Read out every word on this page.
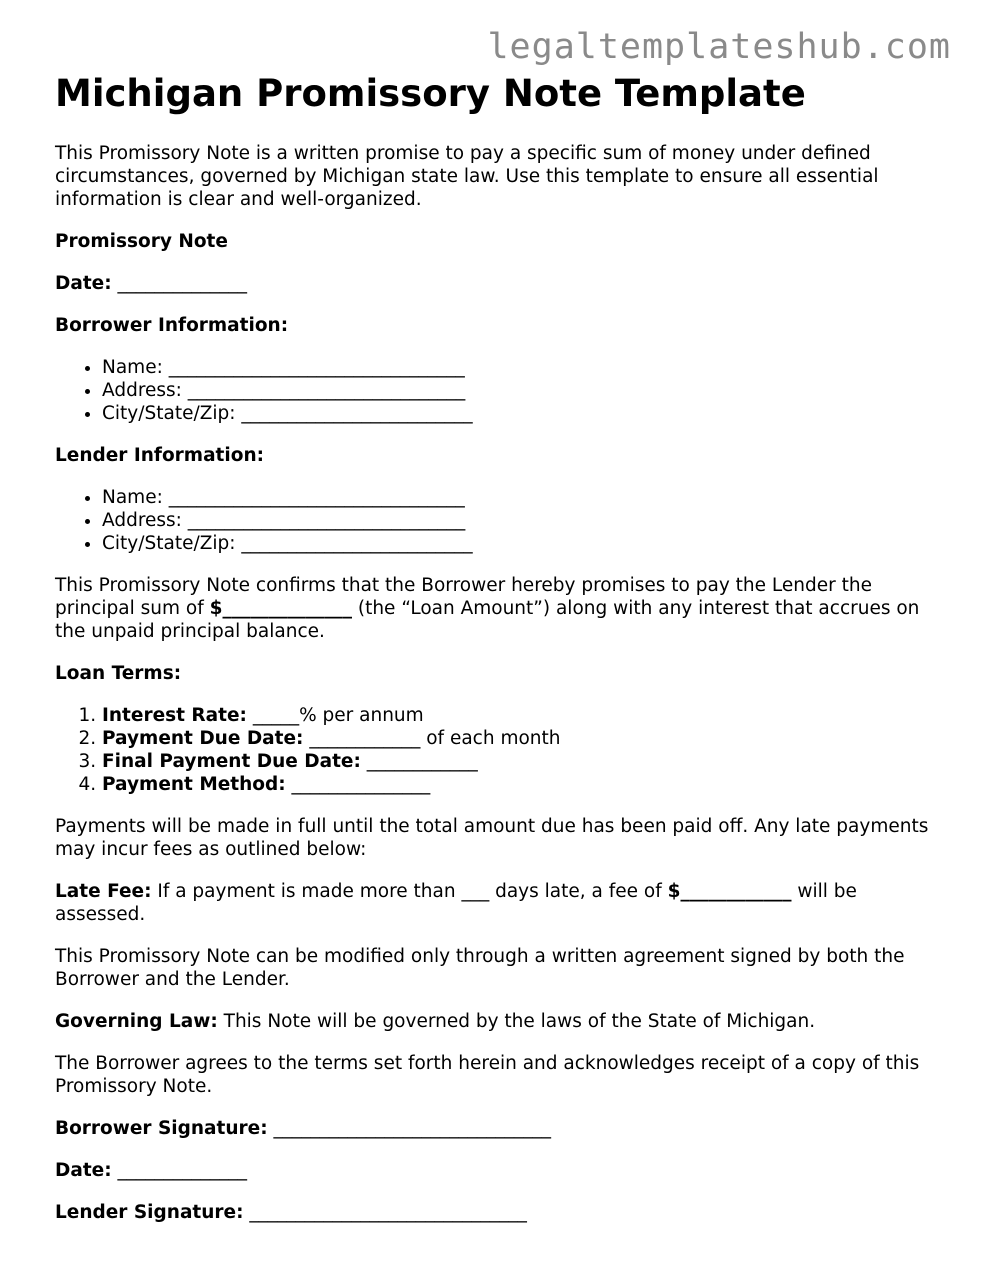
legaltemplateshub.com
Michigan Promissory Note Template

This Promissory Note is a written promise to pay a specific sum of money under defined circumstances, governed by Michigan state law. Use this template to ensure all essential information is clear and well-organized.

Promissory Note

Date: ______________

Borrower Information:

• Name: ________________________________
• Address: ______________________________
• City/State/Zip: _________________________

Lender Information:

• Name: ________________________________
• Address: ______________________________
• City/State/Zip: _________________________

This Promissory Note confirms that the Borrower hereby promises to pay the Lender the principal sum of $______________ (the “Loan Amount”) along with any interest that accrues on the unpaid principal balance.

Loan Terms:

1. Interest Rate: _____% per annum
2. Payment Due Date: ____________ of each month
3. Final Payment Due Date: ____________
4. Payment Method: _______________

Payments will be made in full until the total amount due has been paid off. Any late payments may incur fees as outlined below:

Late Fee: If a payment is made more than ___ days late, a fee of $____________ will be assessed.

This Promissory Note can be modified only through a written agreement signed by both the Borrower and the Lender.

Governing Law: This Note will be governed by the laws of the State of Michigan.

The Borrower agrees to the terms set forth herein and acknowledges receipt of a copy of this Promissory Note.

Borrower Signature: ______________________________

Date: ______________

Lender Signature: ______________________________
